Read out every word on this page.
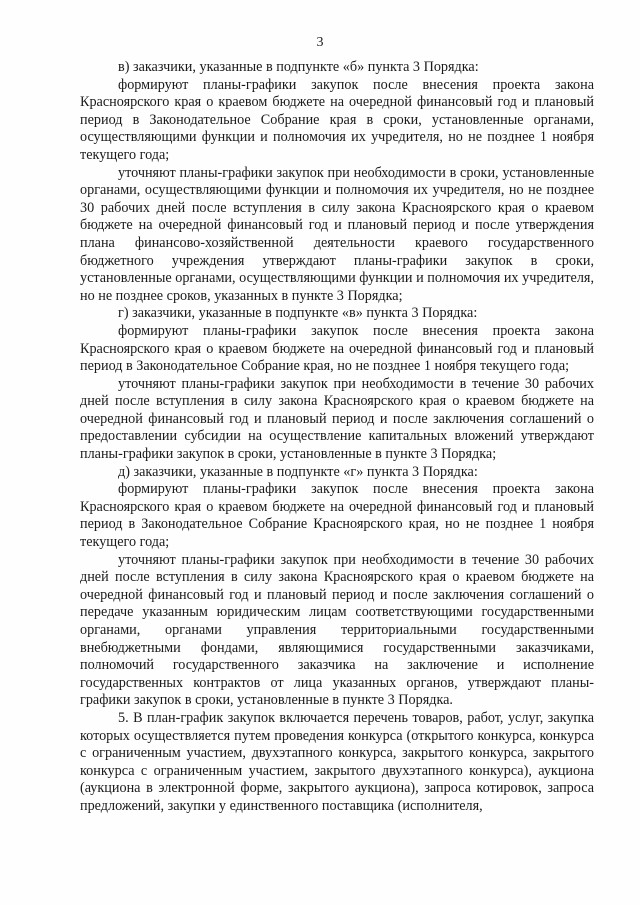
3

в) заказчики, указанные в подпункте «б» пункта 3 Порядка:

формируют планы-графики закупок после внесения проекта закона Красноярского края о краевом бюджете на очередной финансовый год и плановый период в Законодательное Собрание края в сроки, установленные органами, осуществляющими функции и полномочия их учредителя, но не позднее 1 ноября текущего года;

уточняют планы-графики закупок при необходимости в сроки, установленные органами, осуществляющими функции и полномочия их учредителя, но не позднее 30 рабочих дней после вступления в силу закона Красноярского края о краевом бюджете на очередной финансовый год и плановый период и после утверждения плана финансово-хозяйственной деятельности краевого государственного бюджетного учреждения утверждают планы-графики закупок в сроки, установленные органами, осуществляющими функции и полномочия их учредителя, но не позднее сроков, указанных в пункте 3 Порядка;

г) заказчики, указанные в подпункте «в» пункта 3 Порядка:

формируют планы-графики закупок после внесения проекта закона Красноярского края о краевом бюджете на очередной финансовый год и плановый период в Законодательное Собрание края, но не позднее 1 ноября текущего года;

уточняют планы-графики закупок при необходимости в течение 30 рабочих дней после вступления в силу закона Красноярского края о краевом бюджете на очередной финансовый год и плановый период и после заключения соглашений о предоставлении субсидии на осуществление капитальных вложений утверждают планы-графики закупок в сроки, установленные в пункте 3 Порядка;

д) заказчики, указанные в подпункте «г» пункта 3 Порядка:

формируют планы-графики закупок после внесения проекта закона Красноярского края о краевом бюджете на очередной финансовый год и плановый период в Законодательное Собрание Красноярского края, но не позднее 1 ноября текущего года;

уточняют планы-графики закупок при необходимости в течение 30 рабочих дней после вступления в силу закона Красноярского края о краевом бюджете на очередной финансовый год и плановый период и после заключения соглашений о передаче указанным юридическим лицам соответствующими государственными органами, органами управления территориальными государственными внебюджетными фондами, являющимися государственными заказчиками, полномочий государственного заказчика на заключение и исполнение государственных контрактов от лица указанных органов, утверждают планы-графики закупок в сроки, установленные в пункте 3 Порядка.

5. В план-график закупок включается перечень товаров, работ, услуг, закупка которых осуществляется путем проведения конкурса (открытого конкурса, конкурса с ограниченным участием, двухэтапного конкурса, закрытого конкурса, закрытого конкурса с ограниченным участием, закрытого двухэтапного конкурса), аукциона (аукциона в электронной форме, закрытого аукциона), запроса котировок, запроса предложений, закупки у единственного поставщика (исполнителя,
